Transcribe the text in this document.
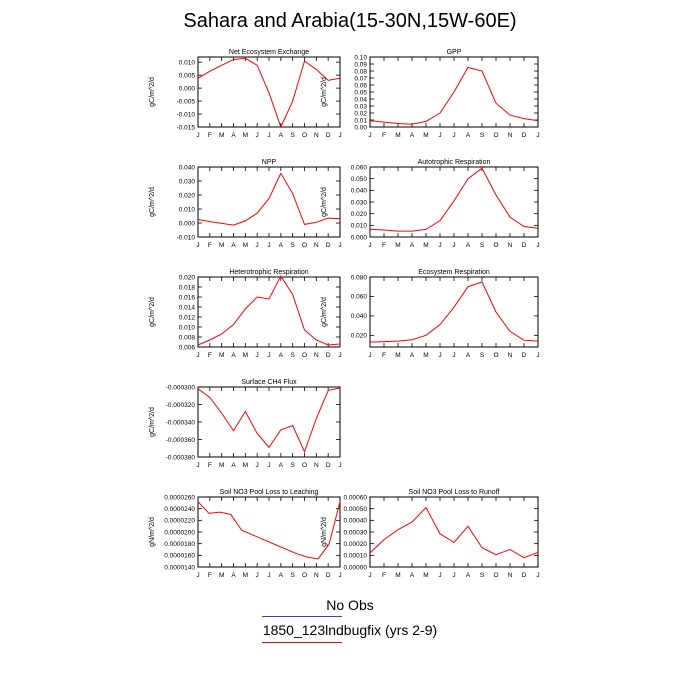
Sahara and Arabia(15-30N,15W-60E)
Net Ecosystem Exchange
gC/m^2/d
0.010
0.005
0.000
-0.005
-0.010
-0.015
J F M A M J J A S O N D J
GPP
gC/m^2/d
0.10
0.09
0.08
0.07
0.06
0.05
0.04
0.03
0.02
0.01
0.00
J F M A M J J A S O N D J
NPP
gC/m^2/d
0.040
0.030
0.020
0.010
0.000
-0.010
J F M A M J J A S O N D J
Autotrophic Respiration
gC/m^2/d
0.060
0.050
0.040
0.030
0.020
0.010
0.000
J F M A M J J A S O N D J
Heterotrophic Respiration
gC/m^2/d
0.020
0.018
0.016
0.014
0.012
0.010
0.008
0.006
J F M A M J J A S O N D J
Ecosystem Respiration
gC/m^2/d
0.080
0.060
0.040
0.020
J F M A M J J A S O N D J
Surface CH4 Flux
gC/m^2/d
-0.000300
-0.000320
-0.000340
-0.000360
-0.000380
J F M A M J J A S O N D J
Soil NO3 Pool Loss to Leaching
gN/m^2/d
0.0000260
0.0000240
0.0000220
0.0000200
0.0000180
0.0000160
0.0000140
J F M A M J J A S O N D J
Soil NO3 Pool Loss to Runoff
gN/m^2/d
0.00060
0.00050
0.00040
0.00030
0.00020
0.00010
0.00000
J F M A M J J A S O N D J
No Obs
1850_123lndbugfix (yrs 2-9)
